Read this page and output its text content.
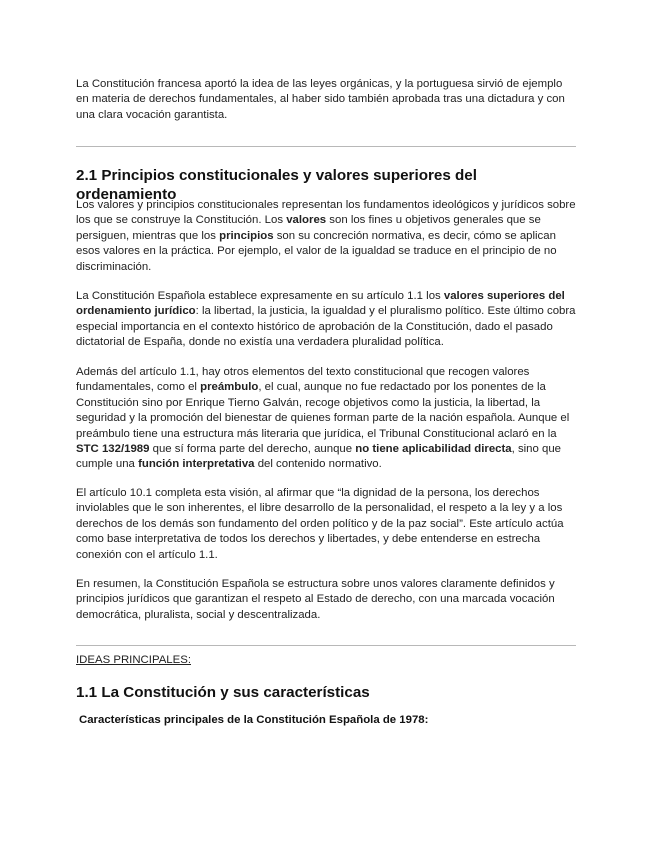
La Constitución francesa aportó la idea de las leyes orgánicas, y la portuguesa sirvió de ejemplo en materia de derechos fundamentales, al haber sido también aprobada tras una dictadura y con una clara vocación garantista.

2.1 Principios constitucionales y valores superiores del ordenamiento

Los valores y principios constitucionales representan los fundamentos ideológicos y jurídicos sobre los que se construye la Constitución. Los valores son los fines u objetivos generales que se persiguen, mientras que los principios son su concreción normativa, es decir, cómo se aplican esos valores en la práctica. Por ejemplo, el valor de la igualdad se traduce en el principio de no discriminación.

La Constitución Española establece expresamente en su artículo 1.1 los valores superiores del ordenamiento jurídico: la libertad, la justicia, la igualdad y el pluralismo político. Este último cobra especial importancia en el contexto histórico de aprobación de la Constitución, dado el pasado dictatorial de España, donde no existía una verdadera pluralidad política.

Además del artículo 1.1, hay otros elementos del texto constitucional que recogen valores fundamentales, como el preámbulo, el cual, aunque no fue redactado por los ponentes de la Constitución sino por Enrique Tierno Galván, recoge objetivos como la justicia, la libertad, la seguridad y la promoción del bienestar de quienes forman parte de la nación española. Aunque el preámbulo tiene una estructura más literaria que jurídica, el Tribunal Constitucional aclaró en la STC 132/1989 que sí forma parte del derecho, aunque no tiene aplicabilidad directa, sino que cumple una función interpretativa del contenido normativo.

El artículo 10.1 completa esta visión, al afirmar que “la dignidad de la persona, los derechos inviolables que le son inherentes, el libre desarrollo de la personalidad, el respeto a la ley y a los derechos de los demás son fundamento del orden político y de la paz social”. Este artículo actúa como base interpretativa de todos los derechos y libertades, y debe entenderse en estrecha conexión con el artículo 1.1.

En resumen, la Constitución Española se estructura sobre unos valores claramente definidos y principios jurídicos que garantizan el respeto al Estado de derecho, con una marcada vocación democrática, pluralista, social y descentralizada.

IDEAS PRINCIPALES:
1.1 La Constitución y sus características
Características principales de la Constitución Española de 1978:
